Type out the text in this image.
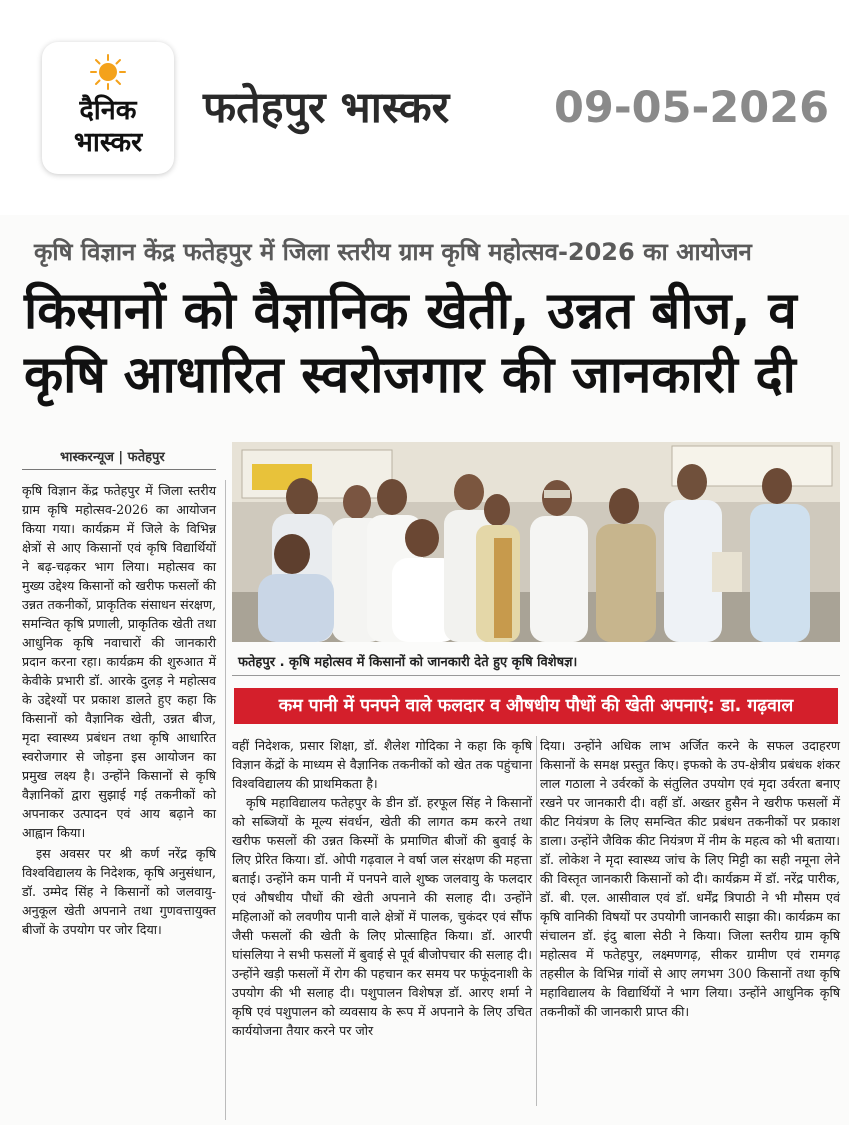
दैनिक
भास्कर
फतेहपुर भास्कर 09-05-2026
कृषि विज्ञान केंद्र फतेहपुर में जिला स्तरीय ग्राम कृषि महोत्सव-2026 का आयोजन
किसानों को वैज्ञानिक खेती, उन्नत बीज, व
कृषि आधारित स्वरोजगार की जानकारी दी
भास्करन्यूज | फतेहपुर

कृषि विज्ञान केंद्र फतेहपुर में जिला स्तरीय ग्राम कृषि महोत्सव-2026 का आयोजन किया गया। कार्यक्रम में जिले के विभिन्न क्षेत्रों से आए किसानों एवं कृषि विद्यार्थियों ने बढ़-चढ़कर भाग लिया। महोत्सव का मुख्य उद्देश्य किसानों को खरीफ फसलों की उन्नत तकनीकों, प्राकृतिक संसाधन संरक्षण, समन्वित कृषि प्रणाली, प्राकृतिक खेती तथा आधुनिक कृषि नवाचारों की जानकारी प्रदान करना रहा। कार्यक्रम की शुरुआत में केवीके प्रभारी डॉ. आरके दुलड़ ने महोत्सव के उद्देश्यों पर प्रकाश डालते हुए कहा कि किसानों को वैज्ञानिक खेती, उन्नत बीज, मृदा स्वास्थ्य प्रबंधन तथा कृषि आधारित स्वरोजगार से जोड़ना इस आयोजन का प्रमुख लक्ष्य है। उन्होंने किसानों से कृषि वैज्ञानिकों द्वारा सुझाई गई तकनीकों को अपनाकर उत्पादन एवं आय बढ़ाने का आह्वान किया।

इस अवसर पर श्री कर्ण नरेंद्र कृषि विश्वविद्यालय के निदेशक, कृषि अनुसंधान, डॉ. उम्मेद सिंह ने किसानों को जलवायु-अनुकूल खेती अपनाने तथा गुणवत्तायुक्त बीजों के उपयोग पर जोर दिया।

फतेहपुर . कृषि महोत्सव में किसानों को जानकारी देते हुए कृषि विशेषज्ञ।
कम पानी में पनपने वाले फलदार व औषधीय पौधों की खेती अपनाएं: डा. गढ़वाल

वहीं निदेशक, प्रसार शिक्षा, डॉ. शैलेश गोदिका ने कहा कि कृषि विज्ञान केंद्रों के माध्यम से वैज्ञानिक तकनीकों को खेत तक पहुंचाना विश्वविद्यालय की प्राथमिकता है।

कृषि महाविद्यालय फतेहपुर के डीन डॉ. हरफूल सिंह ने किसानों को सब्जियों के मूल्य संवर्धन, खेती की लागत कम करने तथा खरीफ फसलों की उन्नत किस्मों के प्रमाणित बीजों की बुवाई के लिए प्रेरित किया। डॉ. ओपी गढ़वाल ने वर्षा जल संरक्षण की महत्ता बताई। उन्होंने कम पानी में पनपने वाले शुष्क जलवायु के फलदार एवं औषधीय पौधों की खेती अपनाने की सलाह दी। उन्होंने महिलाओं को लवणीय पानी वाले क्षेत्रों में पालक, चुकंदर एवं सौंफ जैसी फसलों की खेती के लिए प्रोत्साहित किया। डॉ. आरपी घांसलिया ने सभी फसलों में बुवाई से पूर्व बीजोपचार की सलाह दी। उन्होंने खड़ी फसलों में रोग की पहचान कर समय पर फफूंदनाशी के उपयोग की भी सलाह दी। पशुपालन विशेषज्ञ डॉ. आरए शर्मा ने कृषि एवं पशुपालन को व्यवसाय के रूप में अपनाने के लिए उचित कार्ययोजना तैयार करने पर जोर

दिया। उन्होंने अधिक लाभ अर्जित करने के सफल उदाहरण किसानों के समक्ष प्रस्तुत किए। इफको के उप-क्षेत्रीय प्रबंधक शंकर लाल गठाला ने उर्वरकों के संतुलित उपयोग एवं मृदा उर्वरता बनाए रखने पर जानकारी दी। वहीं डॉ. अख्तर हुसैन ने खरीफ फसलों में कीट नियंत्रण के लिए समन्वित कीट प्रबंधन तकनीकों पर प्रकाश डाला। उन्होंने जैविक कीट नियंत्रण में नीम के महत्व को भी बताया। डॉ. लोकेश ने मृदा स्वास्थ्य जांच के लिए मिट्टी का सही नमूना लेने की विस्तृत जानकारी किसानों को दी। कार्यक्रम में डॉ. नरेंद्र पारीक, डॉ. बी. एल. आसीवाल एवं डॉ. धर्मेंद्र त्रिपाठी ने भी मौसम एवं कृषि वानिकी विषयों पर उपयोगी जानकारी साझा की। कार्यक्रम का संचालन डॉ. इंदु बाला सेठी ने किया। जिला स्तरीय ग्राम कृषि महोत्सव में फतेहपुर, लक्ष्मणगढ़, सीकर ग्रामीण एवं रामगढ़ तहसील के विभिन्न गांवों से आए लगभग 300 किसानों तथा कृषि महाविद्यालय के विद्यार्थियों ने भाग लिया। उन्होंने आधुनिक कृषि तकनीकों की जानकारी प्राप्त की।
